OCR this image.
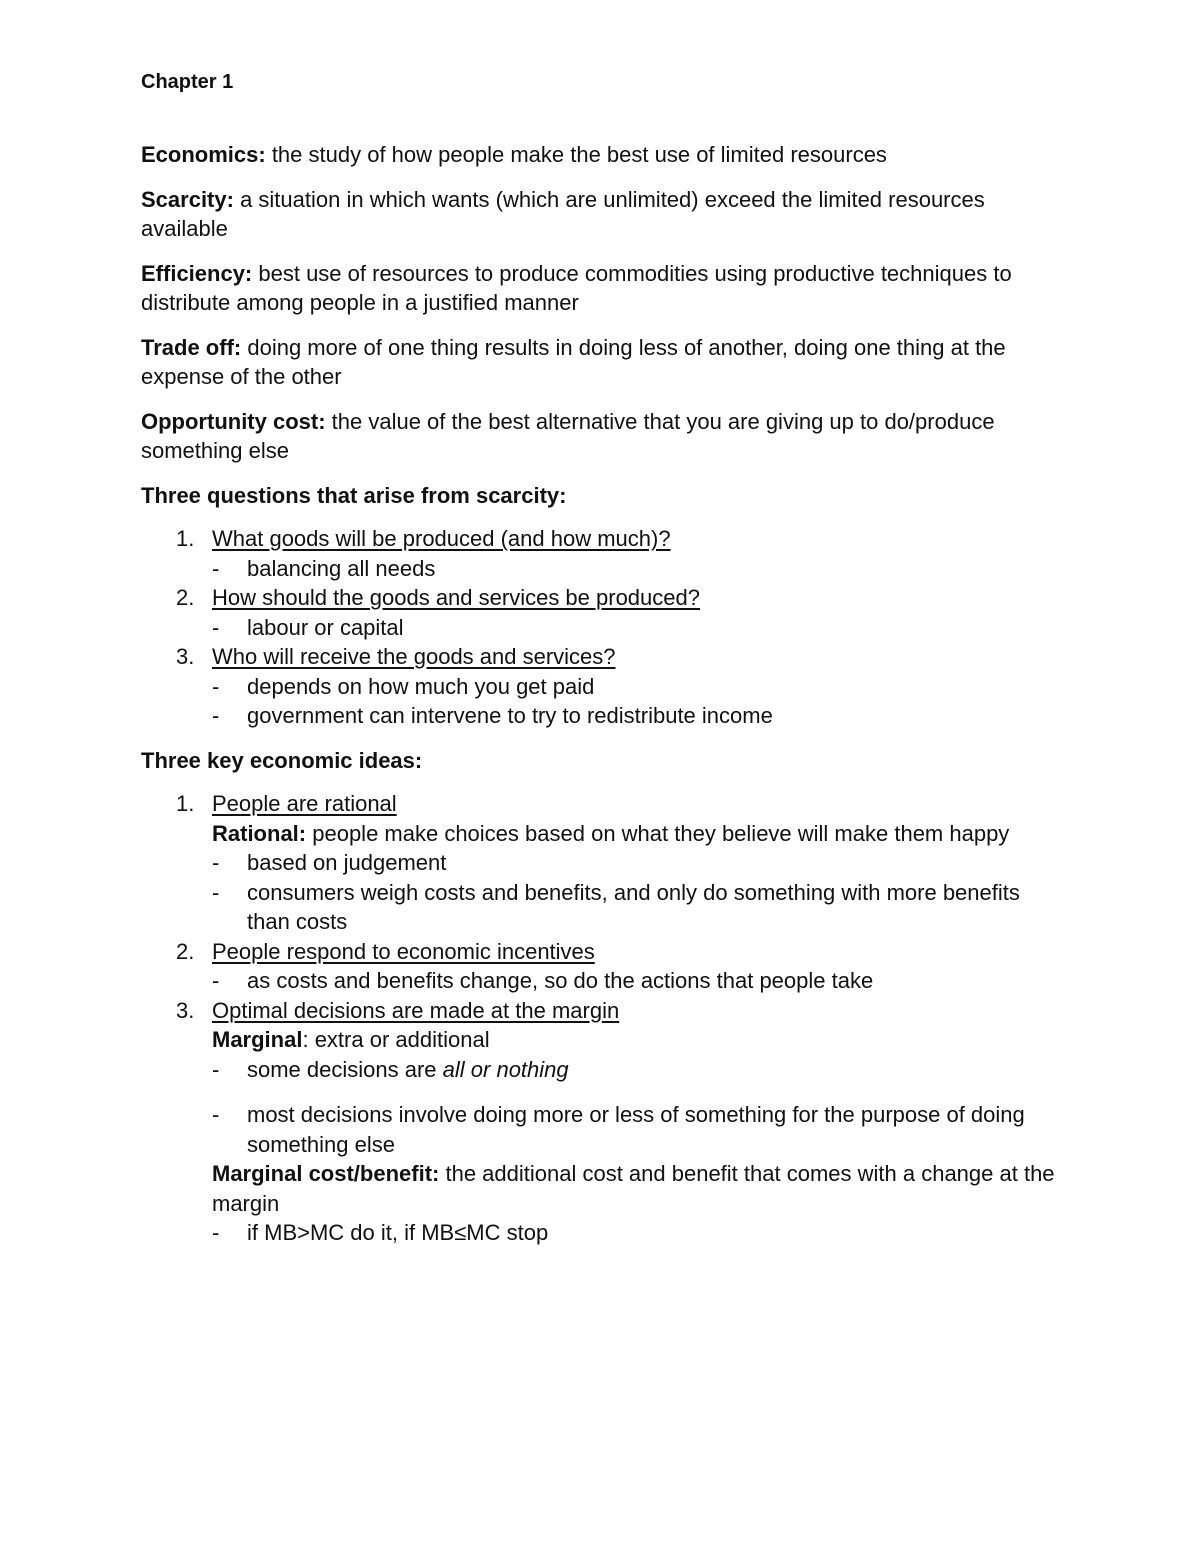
Chapter 1

Economics: the study of how people make the best use of limited resources

Scarcity: a situation in which wants (which are unlimited) exceed the limited resources available

Efficiency: best use of resources to produce commodities using productive techniques to distribute among people in a justified manner

Trade off: doing more of one thing results in doing less of another, doing one thing at the expense of the other

Opportunity cost: the value of the best alternative that you are giving up to do/produce something else

Three questions that arise from scarcity:

1. What goods will be produced (and how much)?

- balancing all needs

2. How should the goods and services be produced?

- labour or capital

3. Who will receive the goods and services?

- depends on how much you get paid

- government can intervene to try to redistribute income

Three key economic ideas:

1. People are rational

Rational: people make choices based on what they believe will make them happy

- based on judgement

- consumers weigh costs and benefits, and only do something with more benefits than costs

2. People respond to economic incentives

- as costs and benefits change, so do the actions that people take

3. Optimal decisions are made at the margin

Marginal: extra or additional

- some decisions are all or nothing

- most decisions involve doing more or less of something for the purpose of doing something else

Marginal cost/benefit: the additional cost and benefit that comes with a change at the margin

- if MB>MC do it, if MB≤MC stop
